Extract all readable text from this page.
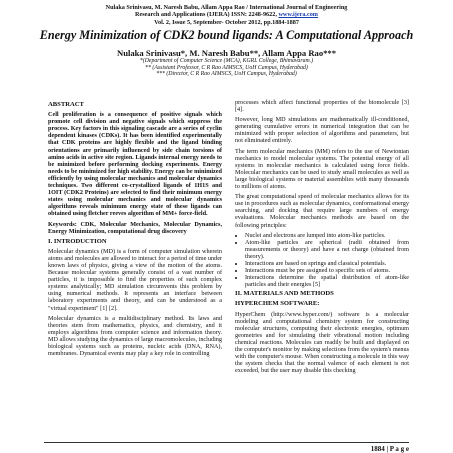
Nulaka Srinivasu, M. Naresh Babu, Allam Appa Rao / International Journal of Engineering
Research and Applications (IJERA) ISSN: 2248-9622, www.ijera.com
Vol. 2, Issue 5, September- October 2012, pp.1884-1887
Energy Minimization of CDK2 bound ligands: A Computational Approach
Nulaka Srinivasu*, M. Naresh Babu**, Allam Appa Rao***
*(Department of Computer Science (MCA), KGRL College, Bhimavaram.)
** (Assistant Professor, C R Rao AIMSCS, UoH Campus, Hyderabad)
*** (Director, C R Rao AIMSCS, UoH Campus, Hyderabad)
ABSTRACT

Cell proliferation is a consequence of positive signals which promote cell division and negative signals which suppress the process. Key factors in this signaling cascade are a series of cyclin dependent kinases (CDKs). It has been identified experimentally that CDK proteins are highly flexible and the ligand binding orientations are primarily influenced by side chain torsions of amino acids in active site region. Ligands internal energy needs to be minimized before performing docking experiments. Energy needs to be minimized for high stability. Energy can be minimized efficiently by using molecular mechanics and molecular dynamics techniques. Two different co-crystallized ligands of 1H1S and 1OIT (CDK2 Proteins) are selected to find their minimum energy states using molecular mechanics and molecular dynamics algorithms reveals minimum energy state of these ligands can obtained using fletcher reeves algorithm of MM+ force-field.

Keywords: CDK, Molecular Mechanics, Molecular Dynamics, Energy Minimization, computational drug discovery

I. INTRODUCTION

Molecular dynamics (MD) is a form of computer simulation wherein atoms and molecules are allowed to interact for a period of time under known laws of physics, giving a view of the motion of the atoms. Because molecular systems generally consist of a vast number of particles, it is impossible to find the properties of such complex systems analytically; MD simulation circumvents this problem by using numerical methods. It represents an interface between laboratory experiments and theory, and can be understood as a "virtual experiment" [1] [2].

Molecular dynamics is a multidisciplinary method. Its laws and theories stem from mathematics, physics, and chemistry, and it employs algorithms from computer science and information theory. MD allows studying the dynamics of large macromolecules, including biological systems such as proteins, nucleic acids (DNA, RNA), membranes. Dynamical events may play a key role in controlling

processes which affect functional properties of the biomolecule [3][4].

However, long MD simulations are mathematically ill-conditioned, generating cumulative errors in numerical integration that can be minimized with proper selection of algorithms and parameters, but not eliminated entirely.

The term molecular mechanics (MM) refers to the use of Newtonian mechanics to model molecular systems. The potential energy of all systems in molecular mechanics is calculated using force fields. Molecular mechanics can be used to study small molecules as well as large biological systems or material assemblies with many thousands to millions of atoms.

The great computational speed of molecular mechanics allows for its use in procedures such as molecular dynamics, conformational energy searching, and docking that require large numbers of energy evaluations. Molecular mechanics methods are based on the following principles:

• Nuclei and electrons are lumped into atom-like particles.
• Atom-like particles are spherical (radii obtained from measurements or theory) and have a net charge (obtained from theory).
• Interactions are based on springs and classical potentials.
• Interactions must be pre assigned to specific sets of atoms.
• Interactions determine the spatial distribution of atom-like particles and their energies [5]
II. MATERIALS AND METHODS
HYPERCHEM SOFTWARE:

HyperChem (http://www.hyper.com/) software is a molecular modeling and computational chemistry system for constructing molecular structures, computing their electronic energies, optimum geometries and for simulating their vibrational motion including chemical reactions. Molecules can readily be built and displayed on the computer's monitor by making selections from the system's menus with the computer's mouse. When constructing a molecule in this way the system checks that the normal valence of each element is not exceeded, but the user may disable this checking

1884 | P a g e
